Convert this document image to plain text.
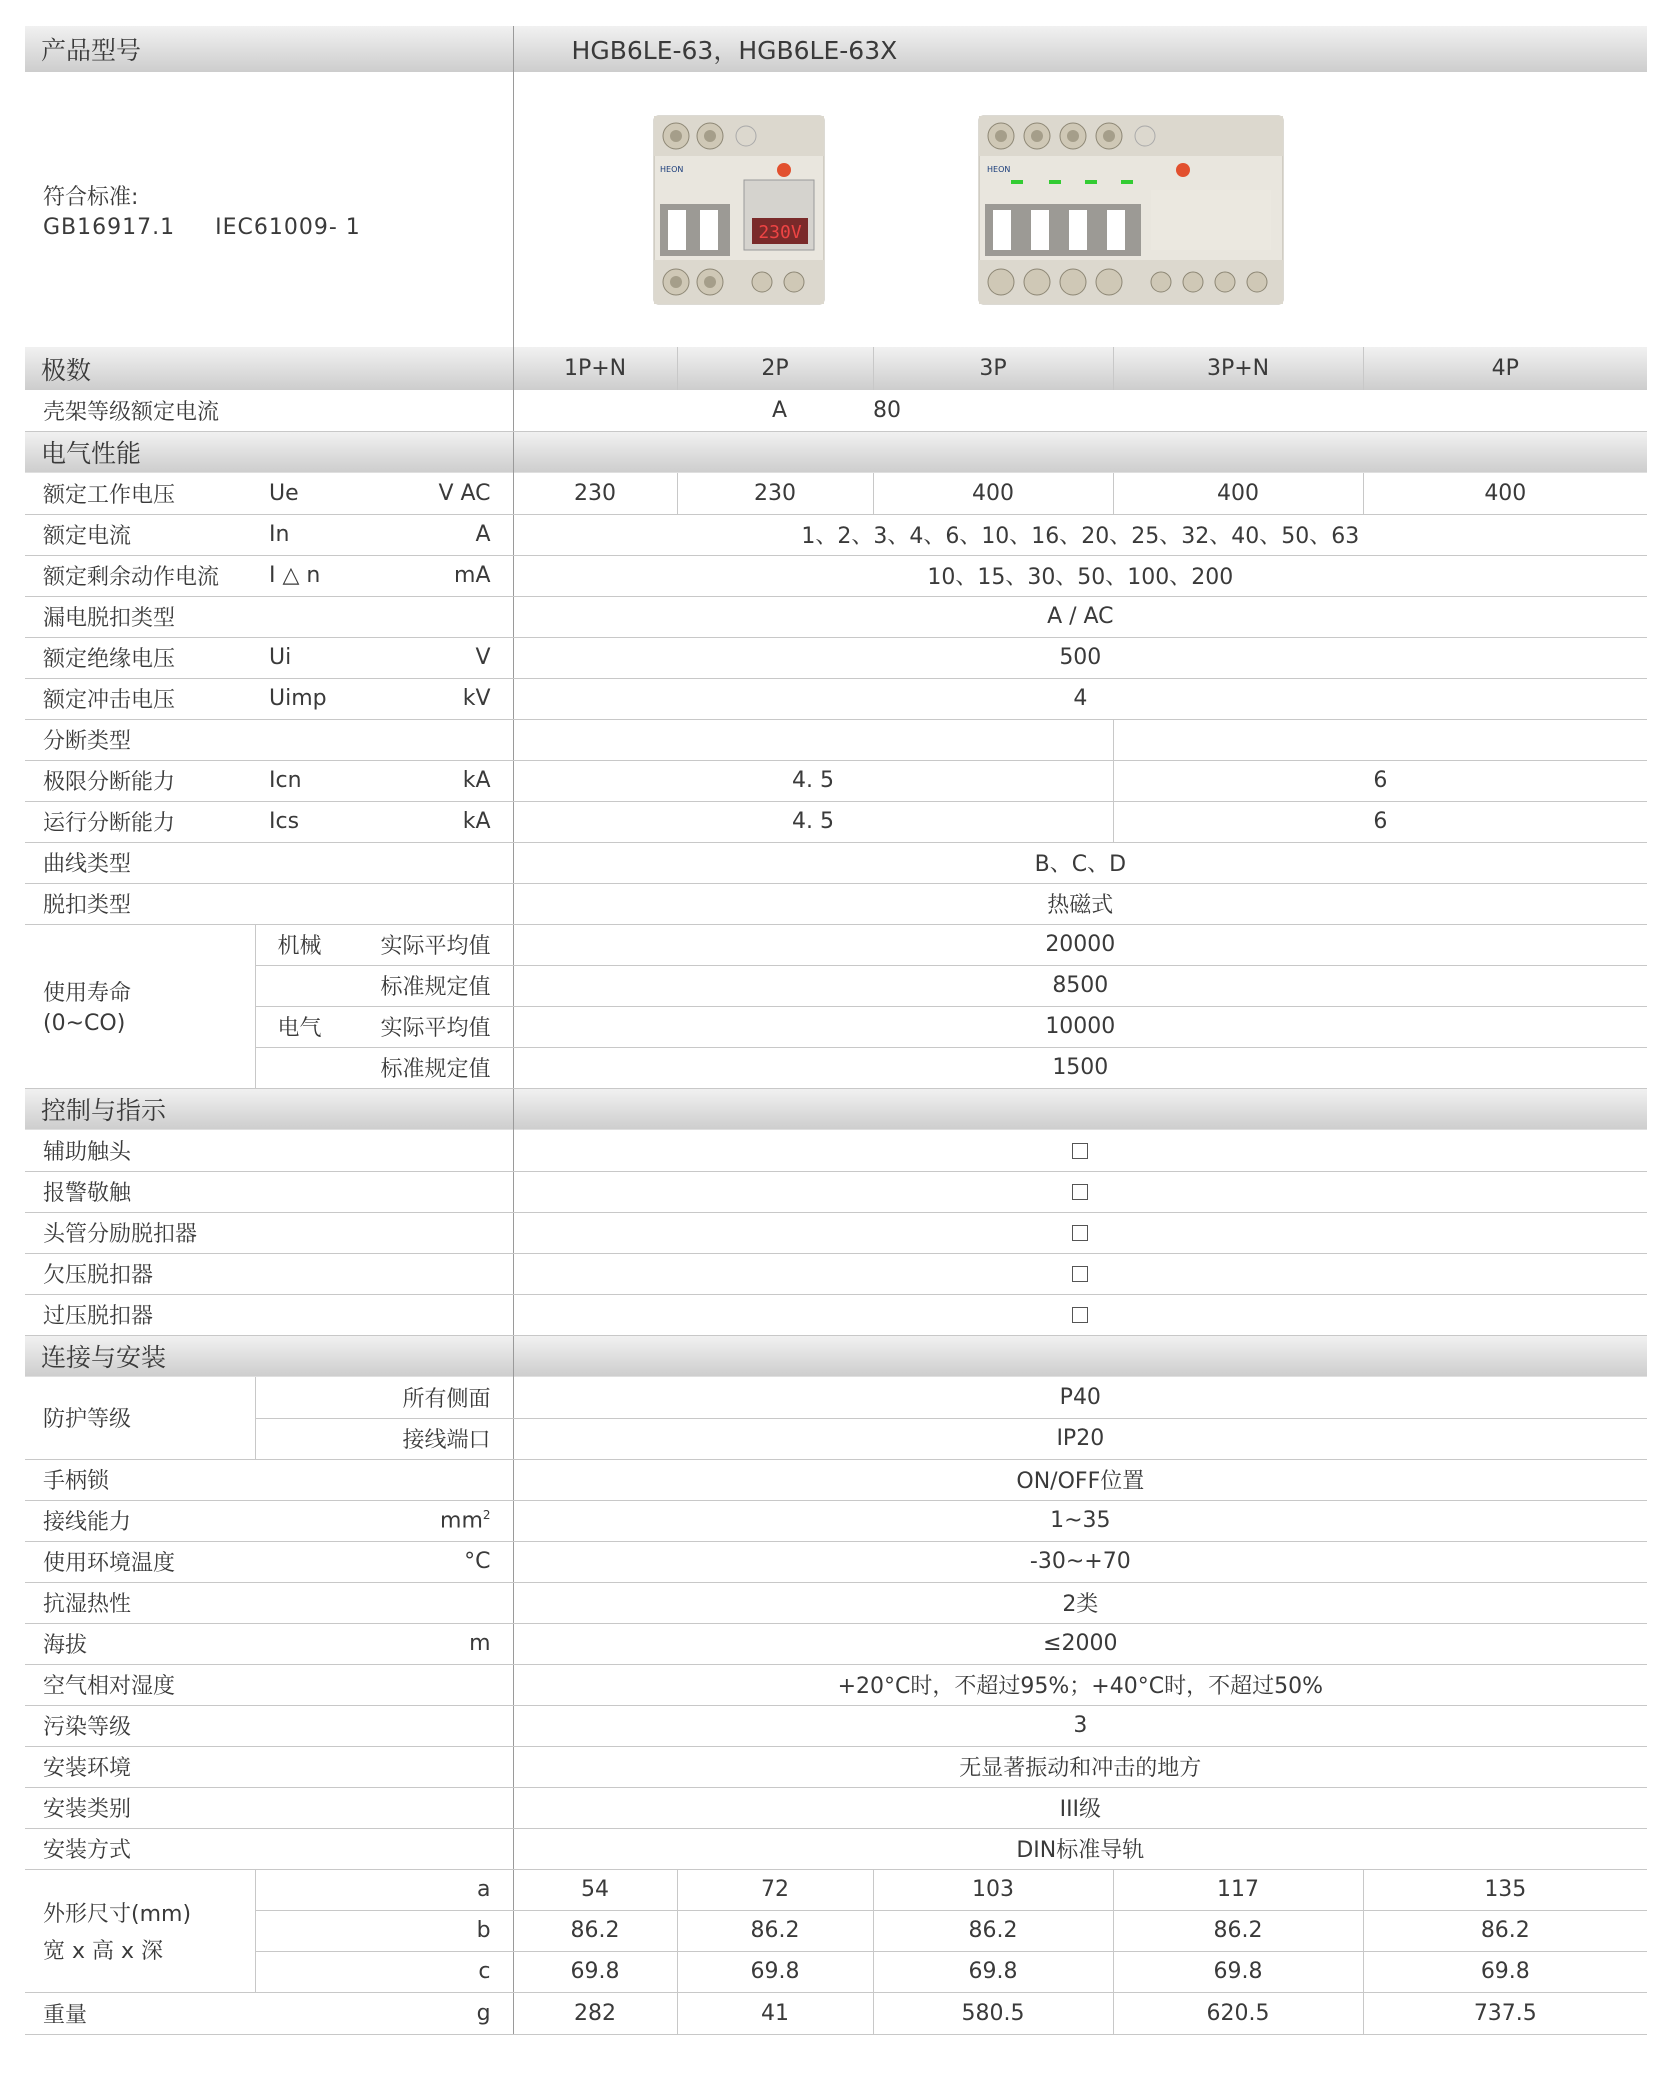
产品型号			HGB6LE-63，HGB6LE-63X				

符合标准:
GB16917.1 IEC61009- 1			HEON
230V

HEON				

极数			1P+N	2P	3P	3P+N	4P
壳架等级额定电流			A		80		
电气性能							
额定工作电压	Ue	V AC	230	230	400	400	400
额定电流	In	A	1、2、3、4、6、10、16、20、25、32、40、50、63				
额定剩余动作电流	I △ n	mA	10、15、30、50、100、200				
漏电脱扣类型			A / AC				
额定绝缘电压	Ui	V	500				
额定冲击电压	Uimp	kV	4				
分断类型							
极限分断能力	Icn	kA	4. 5			6	
运行分断能力	Ics	kA	4. 5			6	
曲线类型			B、C、D				
脱扣类型			热磁式				

使用寿命
(0~CO)	机械	实际平均值	20000				
		标准规定值	8500				
	电气	实际平均值	10000				
		标准规定值	1500				
控制与指示							
辅助触头							
报警敬触							
头管分励脱扣器							
欠压脱扣器							
过压脱扣器							
连接与安装							
防护等级	所有侧面		P40				
	接线端口		IP20				
手柄锁			ON/OFF位置				
接线能力		$mm^2$	1~35				
使用环境温度		°C	-30~+70				
抗湿热性			2类				
海拔		m	≤2000				
空气相对湿度			+20°C时，不超过95%；+40°C时，不超过50%				
污染等级			3				
安装环境			无显著振动和冲击的地方				
安装类别			III级				
安装方式			DIN标准导轨				

外形尺寸(mm)
宽 x 高 x 深	a		54	72	103	117	135
	b		86.2	86.2	86.2	86.2	86.2
	c		69.8	69.8	69.8	69.8	69.8
重量		g	282	41	580.5	620.5	737.5
